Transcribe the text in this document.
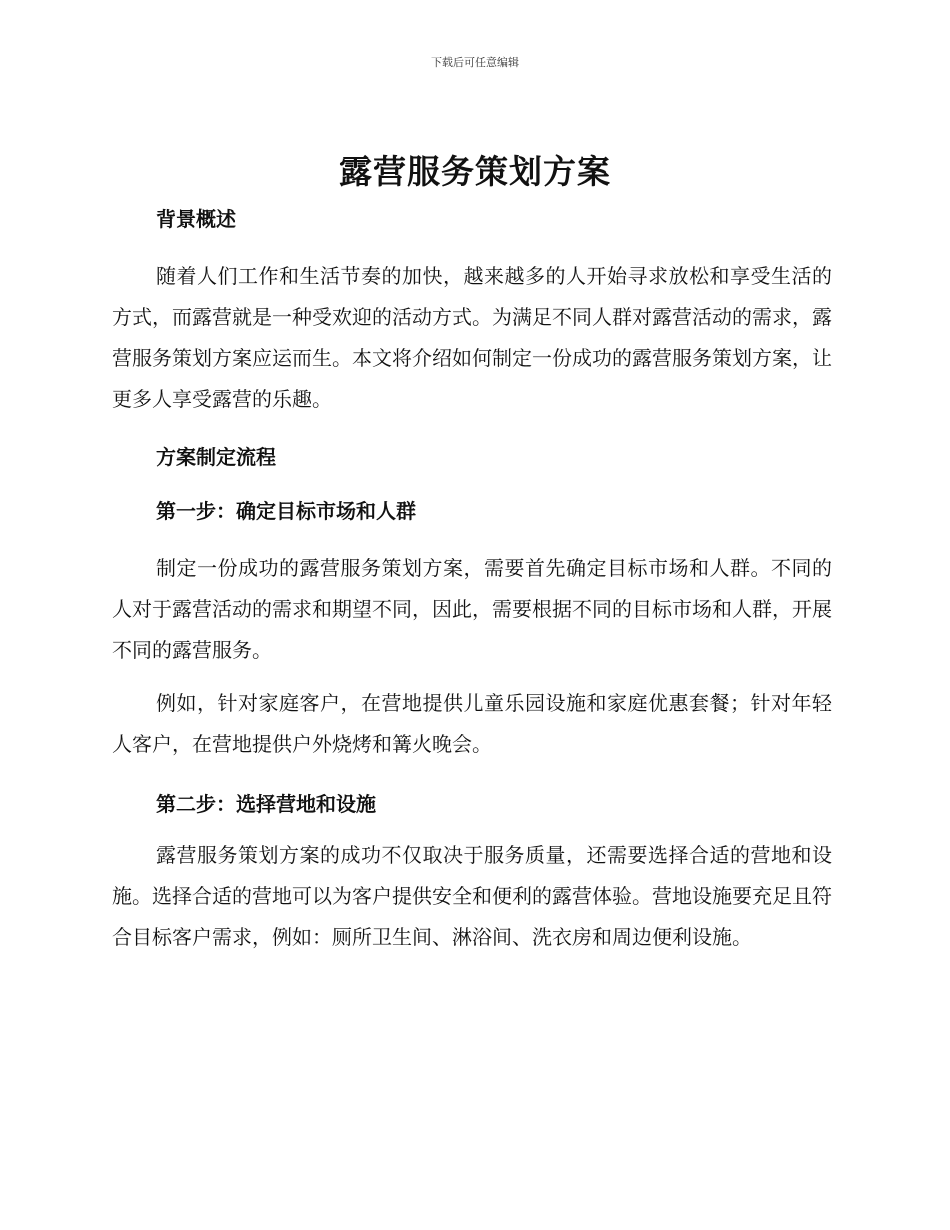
下载后可任意编辑
露营服务策划方案
背景概述

随着人们工作和生活节奏的加快，越来越多的人开始寻求放松和享受生活的方式，而露营就是一种受欢迎的活动方式。为满足不同人群对露营活动的需求，露营服务策划方案应运而生。本文将介绍如何制定一份成功的露营服务策划方案，让更多人享受露营的乐趣。

方案制定流程
第一步：确定目标市场和人群

制定一份成功的露营服务策划方案，需要首先确定目标市场和人群。不同的人对于露营活动的需求和期望不同，因此，需要根据不同的目标市场和人群，开展不同的露营服务。

例如，针对家庭客户，在营地提供儿童乐园设施和家庭优惠套餐；针对年轻人客户，在营地提供户外烧烤和篝火晚会。

第二步：选择营地和设施

露营服务策划方案的成功不仅取决于服务质量，还需要选择合适的营地和设施。选择合适的营地可以为客户提供安全和便利的露营体验。营地设施要充足且符合目标客户需求，例如：厕所卫生间、淋浴间、洗衣房和周边便利设施。
